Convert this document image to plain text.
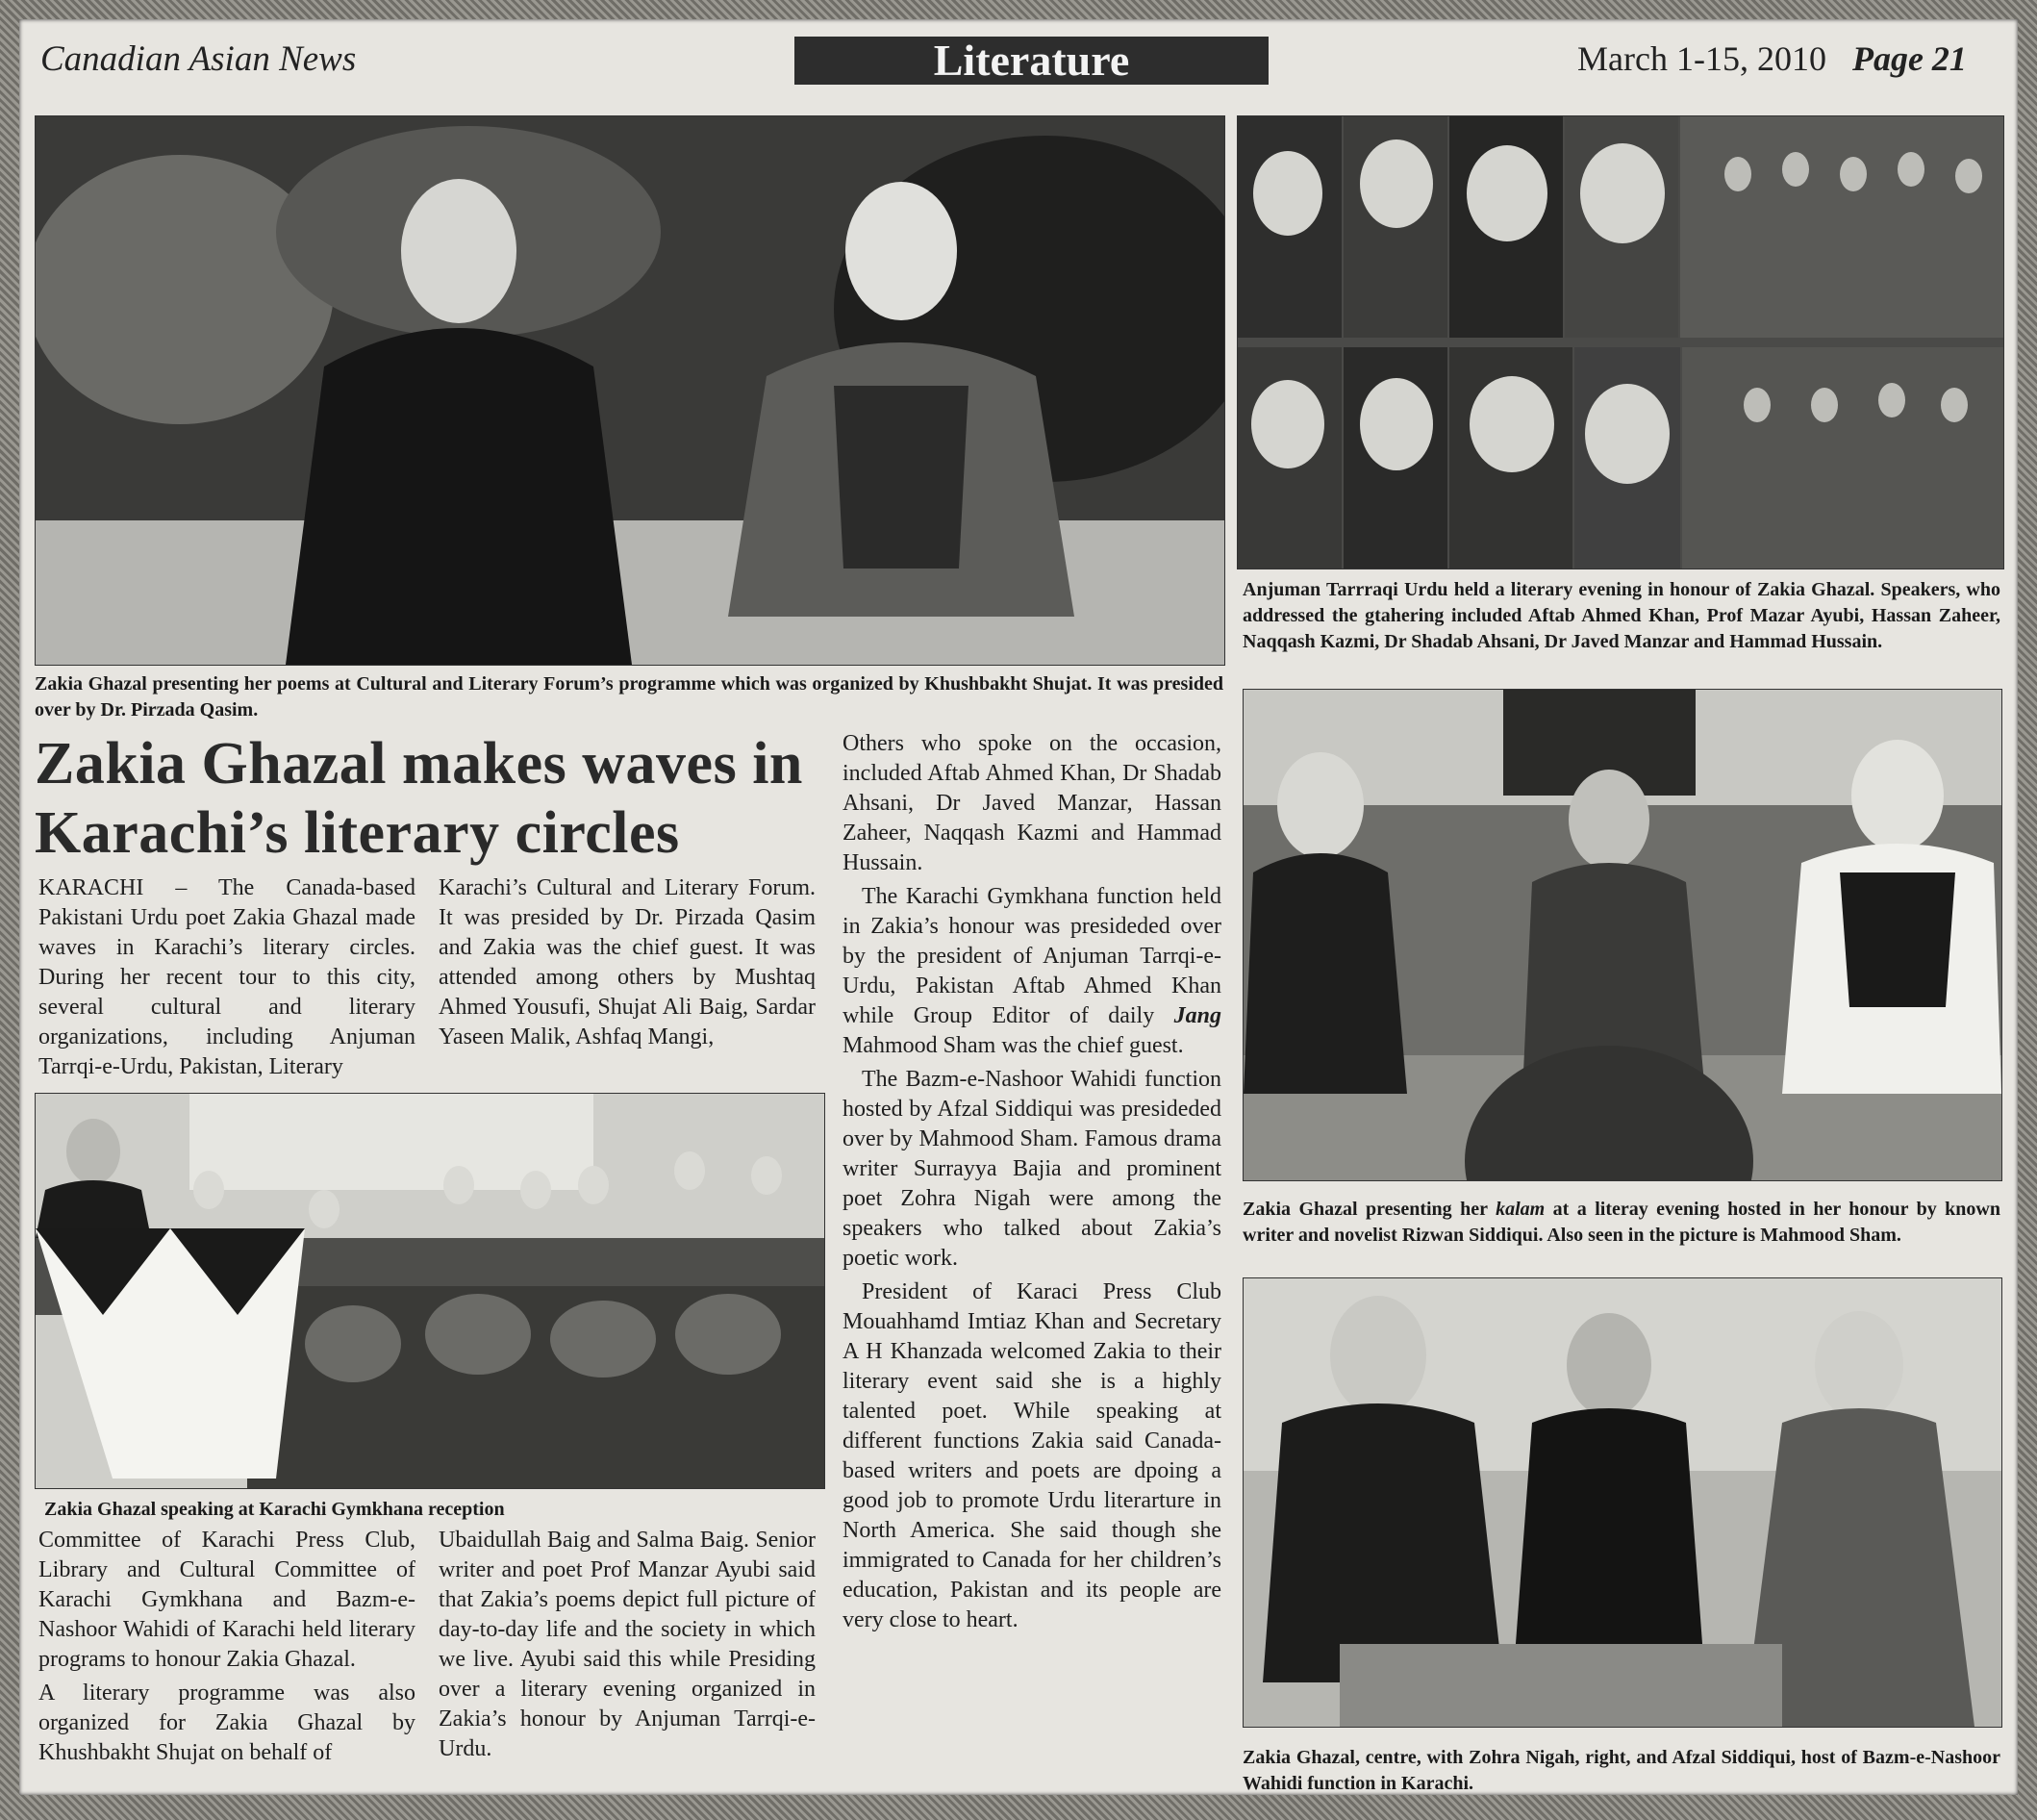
Canadian Asian News	Literature	March 1-15, 2010 Page 21
Zakia Ghazal presenting her poems at Cultural and Literary Forum’s programme which was organized by Khushbakht Shujat. It was presided over by Dr. Pirzada Qasim.
Anjuman Tarrraqi Urdu held a literary evening in honour of Zakia Ghazal. Speakers, who addressed the gtahering included Aftab Ahmed Khan, Prof Mazar Ayubi, Hassan Zaheer, Naqqash Kazmi, Dr Shadab Ahsani, Dr Javed Manzar and Hammad Hussain.
Zakia Ghazal presenting her kalam at a literay evening hosted in her honour by known writer and novelist Rizwan Siddiqui. Also seen in the picture is Mahmood Sham.
Zakia Ghazal, centre, with Zohra Nigah, right, and Afzal Siddiqui, host of Bazm-e-Nashoor Wahidi function in Karachi.
Zakia Ghazal makes waves in Karachi’s literary circles

KARACHI – The Canada-based Pakistani Urdu poet Zakia Ghazal made waves in Karachi’s literary circles. During her recent tour to this city, several cultural and literary organizations, including Anjuman Tarrqi-e-Urdu, Pakistan, Literary

Karachi’s Cultural and Literary Forum. It was presided by Dr. Pirzada Qasim and Zakia was the chief guest. It was attended among others by Mushtaq Ahmed Yousufi, Shujat Ali Baig, Sardar Yaseen Malik, Ashfaq Mangi,

Zakia Ghazal speaking at Karachi Gymkhana reception

Committee of Karachi Press Club, Library and Cultural Committee of Karachi Gymkhana and Bazm-e-Nashoor Wahidi of Karachi held literary programs to honour Zakia Ghazal.

A literary programme was also organized for Zakia Ghazal by Khushbakht Shujat on behalf of

Ubaidullah Baig and Salma Baig. Senior writer and poet Prof Manzar Ayubi said that Zakia’s poems depict full picture of day-to-day life and the society in which we live. Ayubi said this while Presiding over a literary evening organized in Zakia’s honour by Anjuman Tarrqi-e-Urdu.

Others who spoke on the occasion, included Aftab Ahmed Khan, Dr Shadab Ahsani, Dr Javed Manzar, Hassan Zaheer, Naqqash Kazmi and Hammad Hussain.

The Karachi Gymkhana function held in Zakia’s honour was presideded over by the president of Anjuman Tarrqi-e-Urdu, Pakistan Aftab Ahmed Khan while Group Editor of daily Jang Mahmood Sham was the chief guest.

The Bazm-e-Nashoor Wahidi function hosted by Afzal Siddiqui was presideded over by Mahmood Sham. Famous drama writer Surrayya Bajia and prominent poet Zohra Nigah were among the speakers who talked about Zakia’s poetic work.

President of Karaci Press Club Mouahhamd Imtiaz Khan and Secretary A H Khanzada welcomed Zakia to their literary event said she is a highly talented poet. While speaking at different functions Zakia said Canada-based writers and poets are dpoing a good job to promote Urdu literarture in North America. She said though she immigrated to Canada for her children’s education, Pakistan and its people are very close to heart.
